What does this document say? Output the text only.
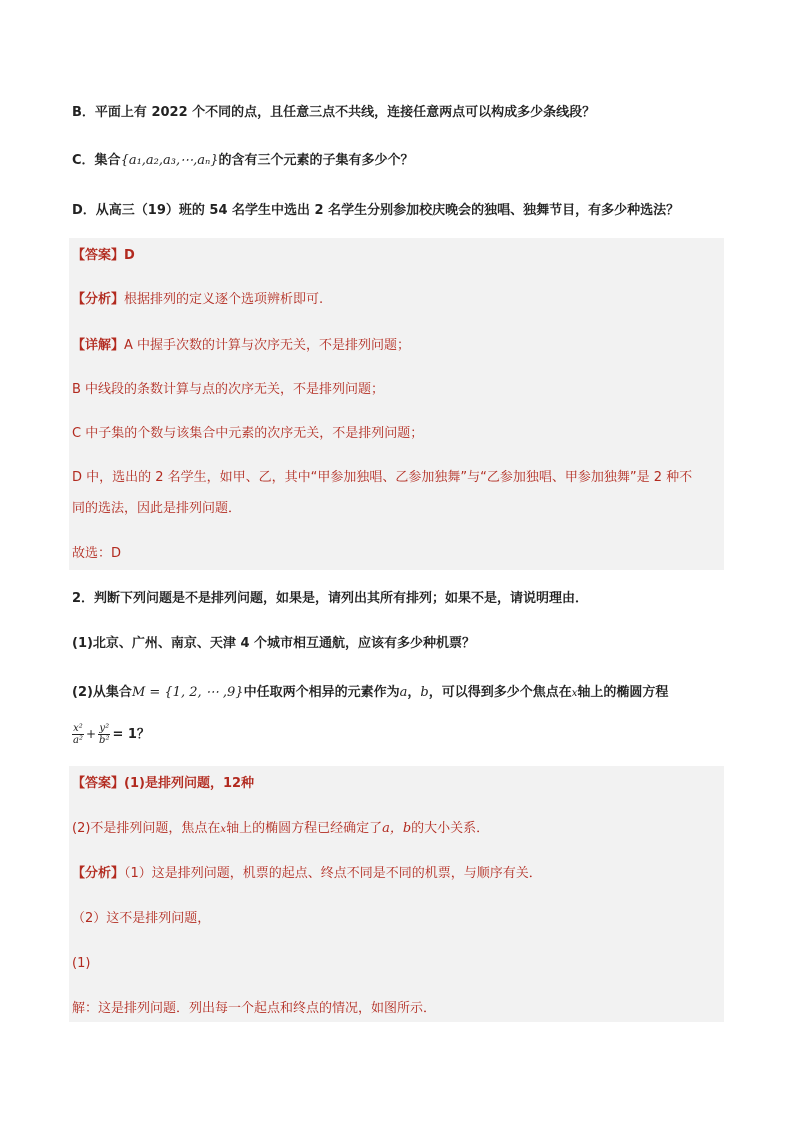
B．平面上有 2022 个不同的点，且任意三点不共线，连接任意两点可以构成多少条线段？
C．集合{a₁,a₂,a₃,⋯,aₙ}的含有三个元素的子集有多少个？
D．从高三（19）班的 54 名学生中选出 2 名学生分别参加校庆晚会的独唱、独舞节目，有多少种选法？
【答案】D
【分析】根据排列的定义逐个选项辨析即可.
【详解】A 中握手次数的计算与次序无关，不是排列问题；
B 中线段的条数计算与点的次序无关，不是排列问题；
C 中子集的个数与该集合中元素的次序无关，不是排列问题；
D 中，选出的 2 名学生，如甲、乙，其中“甲参加独唱、乙参加独舞”与“乙参加独唱、甲参加独舞”是 2 种不
同的选法，因此是排列问题．
故选：D
2．判断下列问题是不是排列问题，如果是，请列出其所有排列；如果不是，请说明理由．
(1)北京、广州、南京、天津 4 个城市相互通航，应该有多少种机票？
(2)从集合M = {1, 2, ⋯ ,9}中任取两个相异的元素作为a，b，可以得到多少个焦点在x轴上的椭圆方程
$\frac{\text{x²}}{\text{a²}} + \frac{\text{y²}}{\text{b²}} = 1$？
【答案】(1)是排列问题，12种
(2)不是排列问题，焦点在x轴上的椭圆方程已经确定了a，b的大小关系．
【分析】（1）这是排列问题，机票的起点、终点不同是不同的机票，与顺序有关．
（2）这不是排列问题，
(1)
解：这是排列问题．列出每一个起点和终点的情况，如图所示．
